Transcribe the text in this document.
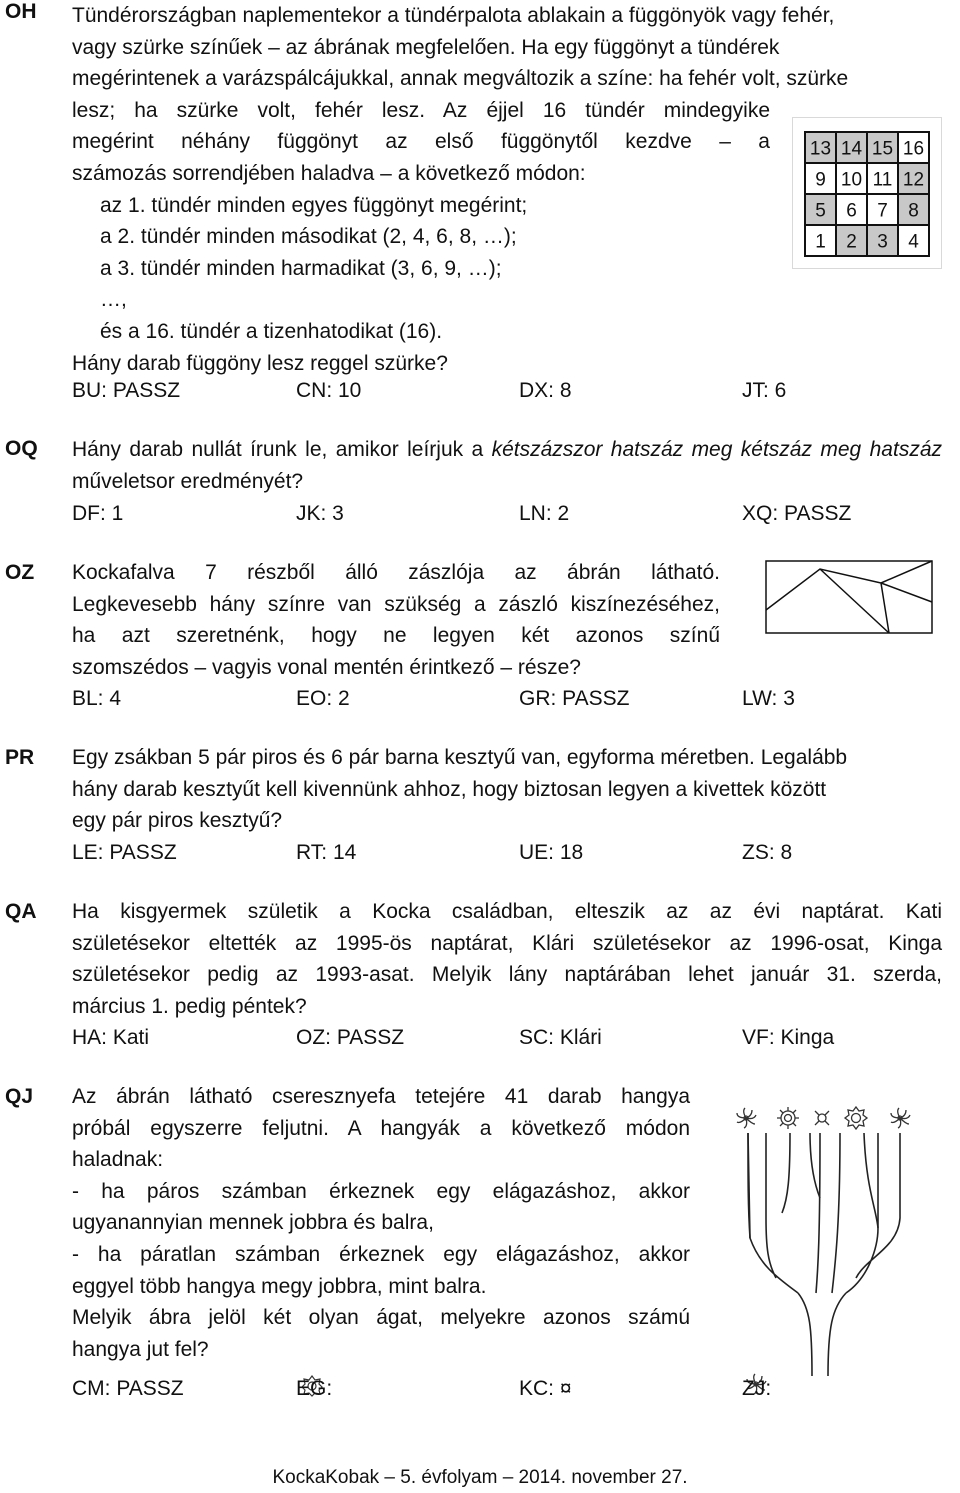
OH Tündérországban naplementekor a tündérpalota ablakain a függönyök vagy fehér,
vagy szürke színűek – az ábrának megfelelően. Ha egy függönyt a tündérek
megérintenek a varázspálcájukkal, annak megváltozik a színe: ha fehér volt, szürke
lesz; ha szürke volt, fehér lesz. Az éjjel 16 tündér mindegyike
megérint néhány függönyt az első függönytől kezdve – a
számozás sorrendjében haladva – a következő módon:
az 1. tündér minden egyes függönyt megérint;
a 2. tündér minden másodikat (2, 4, 6, 8, …);
a 3. tündér minden harmadikat (3, 6, 9, …);
…,
és a 16. tündér a tizenhatodikat (16).
Hány darab függöny lesz reggel szürke?
13 14 15 16
9 10 11 12
5 6 7 8
1 2 3 4
BU: PASSZ	CN: 10	DX: 8	JT: 6
OQ Hány darab nullát írunk le, amikor leírjuk a kétszázszor hatszáz meg kétszáz meg hatszáz műveletsor eredményét?
DF: 1	JK: 3	LN: 2	XQ: PASSZ
OZ Kockafalva 7 részből álló zászlója az ábrán látható.
Legkevesebb hány színre van szükség a zászló kiszínezéséhez,
ha azt szeretnénk, hogy ne legyen két azonos színű
szomszédos – vagyis vonal mentén érintkező – része?
BL: 4	EO: 2	GR: PASSZ	LW: 3
PR Egy zsákban 5 pár piros és 6 pár barna kesztyű van, egyforma méretben. Legalább
hány darab kesztyűt kell kivennünk ahhoz, hogy biztosan legyen a kivettek között
egy pár piros kesztyű?
LE: PASSZ	RT: 14	UE: 18	ZS: 8
QA Ha kisgyermek születik a Kocka családban, elteszik az az évi naptárat. Kati
születésekor eltették az 1995-ös naptárat, Klári születésekor az 1996-osat, Kinga
születésekor pedig az 1993-asat. Melyik lány naptárában lehet január 31. szerda,
március 1. pedig péntek?
HA: Kati	OZ: PASSZ	SC: Klári	VF: Kinga
QJ Az ábrán látható cseresznyefa tetejére 41 darab hangya
próbál egyszerre feljutni. A hangyák a következő módon
haladnak:
- ha páros számban érkeznek egy elágazáshoz, akkor
ugyanannyian mennek jobbra és balra,
- ha páratlan számban érkeznek egy elágazáshoz, akkor
eggyel több hangya megy jobbra, mint balra.
Melyik ábra jelöl két olyan ágat, melyekre azonos számú
hangya jut fel?
CM: PASSZ	EG:	KC: ¤	ZJ:
KockaKobak – 5. évfolyam – 2014. november 27.
